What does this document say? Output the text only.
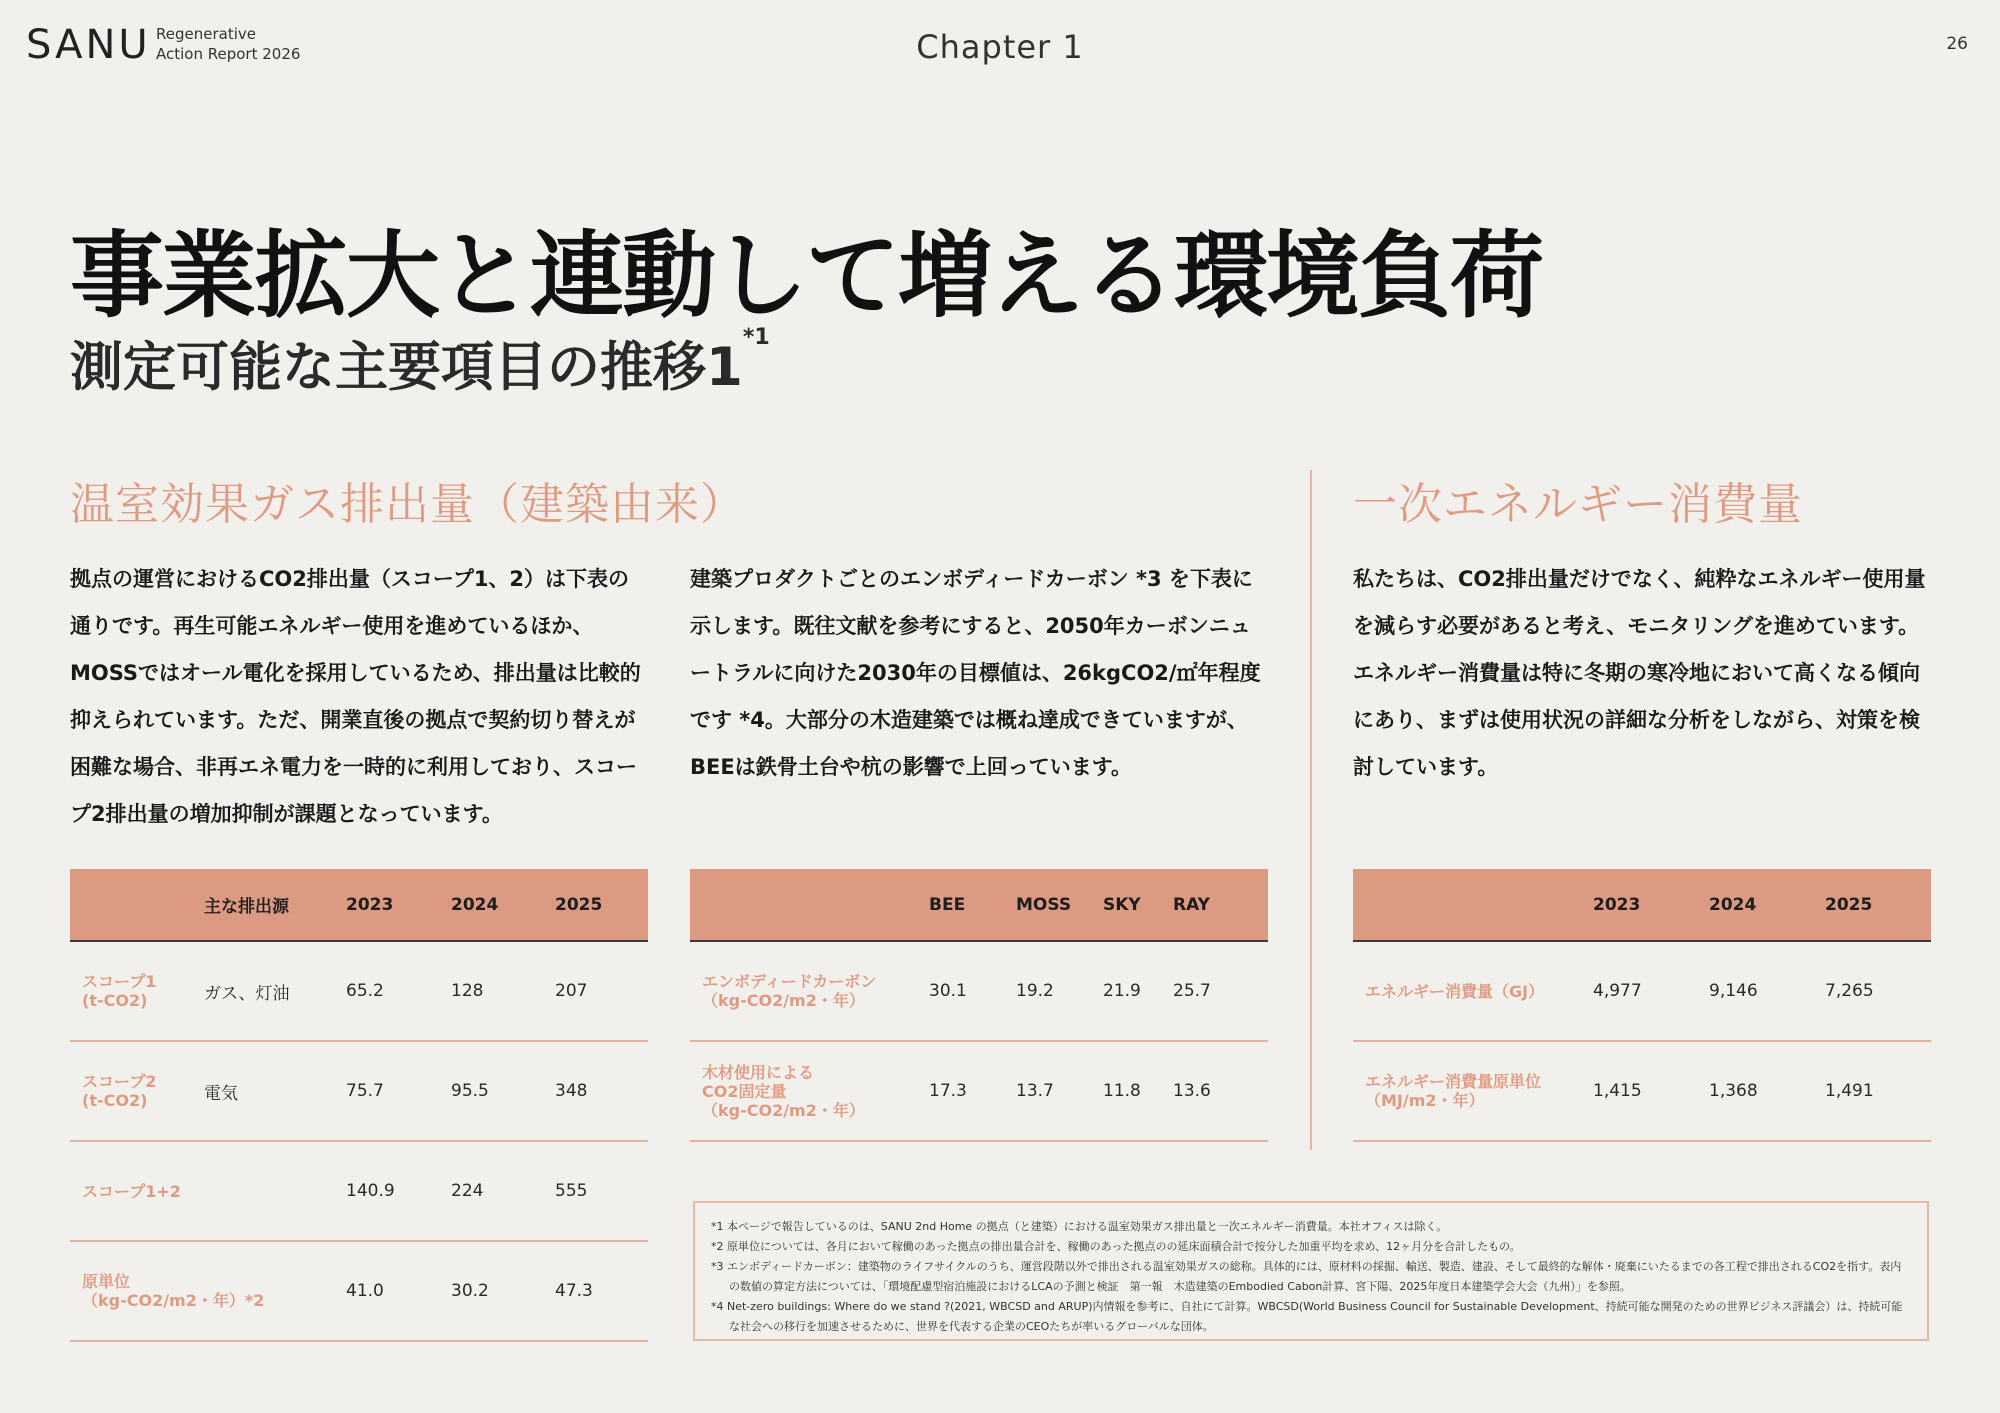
SANU Regenerative
Action Report 2026	Chapter 1	26
事業拡大と連動して増える環境負荷
測定可能な主要項目の推移1$^{*1}$
温室効果ガス排出量（建築由来）	一次エネルギー消費量
拠点の運営におけるCO2排出量（スコープ1、2）は下表の通りです。再生可能エネルギー使用を進めているほか、MOSSではオール電化を採用しているため、排出量は比較的抑えられています。ただ、開業直後の拠点で契約切り替えが困難な場合、非再エネ電力を一時的に利用しており、スコープ2排出量の増加抑制が課題となっています。
建築プロダクトごとのエンボディードカーボン *3 を下表に示します。既往文献を参考にすると、2050年カーボンニュートラルに向けた2030年の目標値は、26kgCO2/㎡年程度です *4。大部分の木造建築では概ね達成できていますが、BEEは鉄骨土台や杭の影響で上回っています。
私たちは、CO2排出量だけでなく、純粋なエネルギー使用量を減らす必要があると考え、モニタリングを進めています。エネルギー消費量は特に冬期の寒冷地において高くなる傾向にあり、まずは使用状況の詳細な分析をしながら、対策を検討しています。
	主な排出源	2023	2024	2025

スコープ1
(t-CO2)	ガス、灯油	65.2	128	207

スコープ2
(t-CO2)	電気	75.7	95.5	348

スコープ1+2		140.9	224	555

原単位
（kg-CO2/m2・年）*2		41.0	30.2	47.3
	BEE	MOSS	SKY	RAY

エンボディードカーボン
（kg-CO2/m2・年）	30.1	19.2	21.9	25.7

木材使用による
CO2固定量
（kg-CO2/m2・年）	17.3	13.7	11.8	13.6
	2023	2024	2025

エネルギー消費量（GJ）	4,977	9,146	7,265

エネルギー消費量原単位
（MJ/m2・年）	1,415	1,368	1,491

*1 本ページで報告しているのは、SANU 2nd Home の拠点（と建築）における温室効果ガス排出量と一次エネルギー消費量。本社オフィスは除く。

*2 原単位については、各月において稼働のあった拠点の排出量合計を、稼働のあった拠点のの延床面積合計で按分した加重平均を求め、12ヶ月分を合計したもの。

*3 エンボディードカーボン：建築物のライフサイクルのうち、運営段階以外で排出される温室効果ガスの総称。具体的には、原材料の採掘、輸送、製造、建設、そして最終的な解体・廃棄にいたるまでの各工程で排出されるCO2を指す。表内の数値の算定方法については、「環境配慮型宿泊施設におけるLCAの予測と検証　第一報　木造建築のEmbodied Cabon計算、宮下陽、2025年度日本建築学会大会（九州）」を参照。

*4 Net-zero buildings: Where do we stand ?(2021, WBCSD and ARUP)内情報を参考に、自社にて計算。WBCSD(World Business Council for Sustainable Development、持続可能な開発のための世界ビジネス評議会）は、持続可能な社会への移行を加速させるために、世界を代表する企業のCEOたちが率いるグローバルな団体。
